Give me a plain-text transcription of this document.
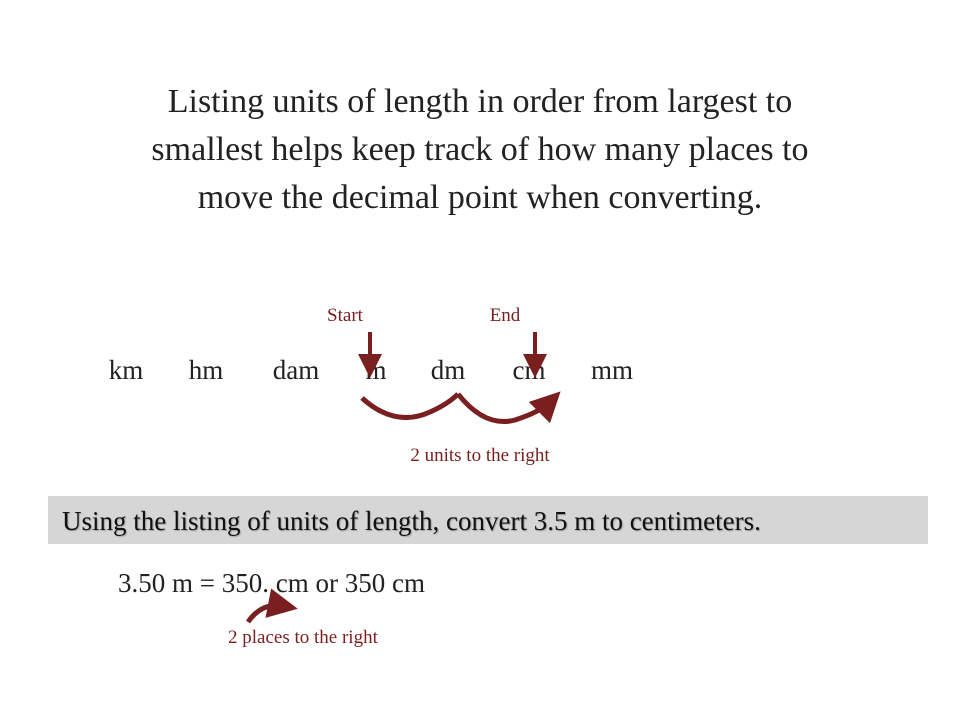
Listing units of length in order from largest to
smallest helps keep track of how many places to
move the decimal point when converting.
Start	End
km hm dam m dm cm mm
2 units to the right
Using the listing of units of length, convert 3.5 m to centimeters.
3.50 m = 350. cm or 350 cm
2 places to the right
